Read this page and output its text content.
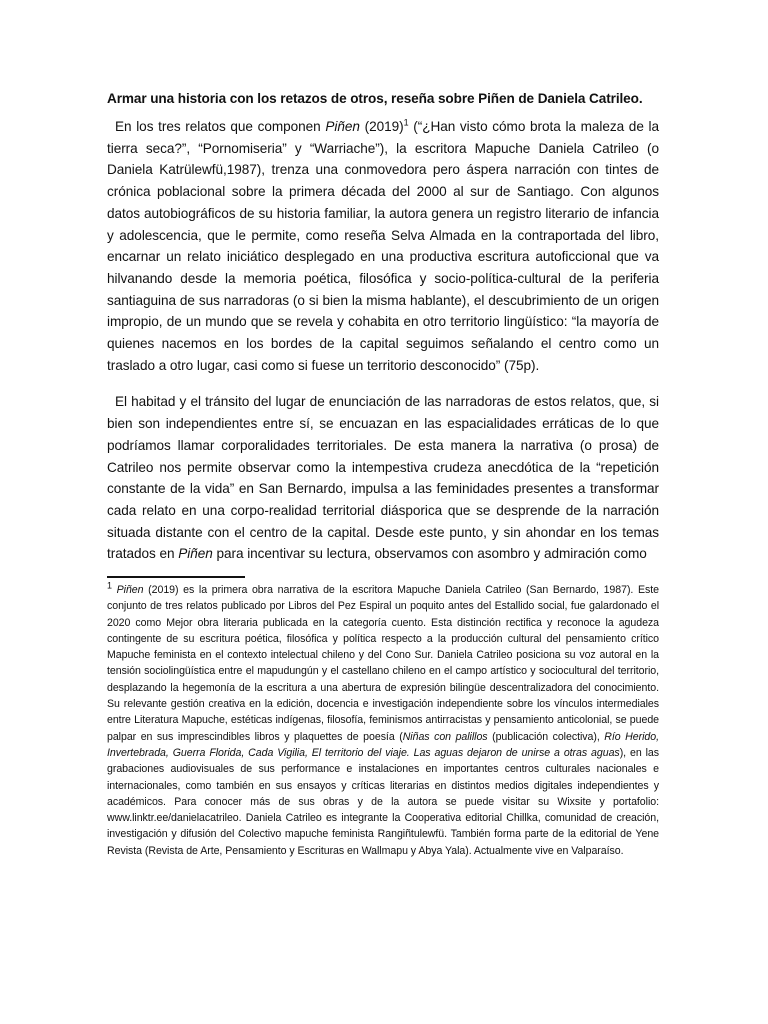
Armar una historia con los retazos de otros, reseña sobre Piñen de Daniela Catrileo.

En los tres relatos que componen Piñen $(2019)^1$ (“¿Han visto cómo brota la maleza de la tierra seca?”, “Pornomiseria” y “Warriache”), la escritora Mapuche Daniela Catrileo (o Daniela Katrülewfü,1987), trenza una conmovedora pero áspera narración con tintes de crónica poblacional sobre la primera década del 2000 al sur de Santiago. Con algunos datos autobiográficos de su historia familiar, la autora genera un registro literario de infancia y adolescencia, que le permite, como reseña Selva Almada en la contraportada del libro, encarnar un relato iniciático desplegado en una productiva escritura autoficcional que va hilvanando desde la memoria poética, filosófica y socio-política-cultural de la periferia santiaguina de sus narradoras (o si bien la misma hablante), el descubrimiento de un origen impropio, de un mundo que se revela y cohabita en otro territorio lingüístico: “la mayoría de quienes nacemos en los bordes de la capital seguimos señalando el centro como un traslado a otro lugar, casi como si fuese un territorio desconocido” (75p).

El habitad y el tránsito del lugar de enunciación de las narradoras de estos relatos, que, si bien son independientes entre sí, se encuazan en las espacialidades erráticas de lo que podríamos llamar corporalidades territoriales. De esta manera la narrativa (o prosa) de Catrileo nos permite observar como la intempestiva crudeza anecdótica de la “repetición constante de la vida” en San Bernardo, impulsa a las feminidades presentes a transformar cada relato en una corpo-realidad territorial diásporica que se desprende de la narración situada distante con el centro de la capital. Desde este punto, y sin ahondar en los temas tratados en Piñen para incentivar su lectura, observamos con asombro y admiración como

$^1$ Piñen (2019) es la primera obra narrativa de la escritora Mapuche Daniela Catrileo (San Bernardo, 1987). Este conjunto de tres relatos publicado por Libros del Pez Espiral un poquito antes del Estallido social, fue galardonado el 2020 como Mejor obra literaria publicada en la categoría cuento. Esta distinción rectifica y reconoce la agudeza contingente de su escritura poética, filosófica y política respecto a la producción cultural del pensamiento crítico Mapuche feminista en el contexto intelectual chileno y del Cono Sur. Daniela Catrileo posiciona su voz autoral en la tensión sociolingüística entre el mapudungún y el castellano chileno en el campo artístico y sociocultural del territorio, desplazando la hegemonía de la escritura a una abertura de expresión bilingüe descentralizadora del conocimiento. Su relevante gestión creativa en la edición, docencia e investigación independiente sobre los vínculos intermediales entre Literatura Mapuche, estéticas indígenas, filosofía, feminismos antirracistas y pensamiento anticolonial, se puede palpar en sus imprescindibles libros y plaquettes de poesía (Niñas con palillos (publicación colectiva), Río Herido, Invertebrada, Guerra Florida, Cada Vigilia, El territorio del viaje. Las aguas dejaron de unirse a otras aguas), en las grabaciones audiovisuales de sus performance e instalaciones en importantes centros culturales nacionales e internacionales, como también en sus ensayos y críticas literarias en distintos medios digitales independientes y académicos. Para conocer más de sus obras y de la autora se puede visitar su Wixsite y portafolio: www.linktr.ee/danielacatrileo. Daniela Catrileo es integrante la Cooperativa editorial Chillka, comunidad de creación, investigación y difusión del Colectivo mapuche feminista Rangiñtulewfü. También forma parte de la editorial de Yene Revista (Revista de Arte, Pensamiento y Escrituras en Wallmapu y Abya Yala). Actualmente vive en Valparaíso.
